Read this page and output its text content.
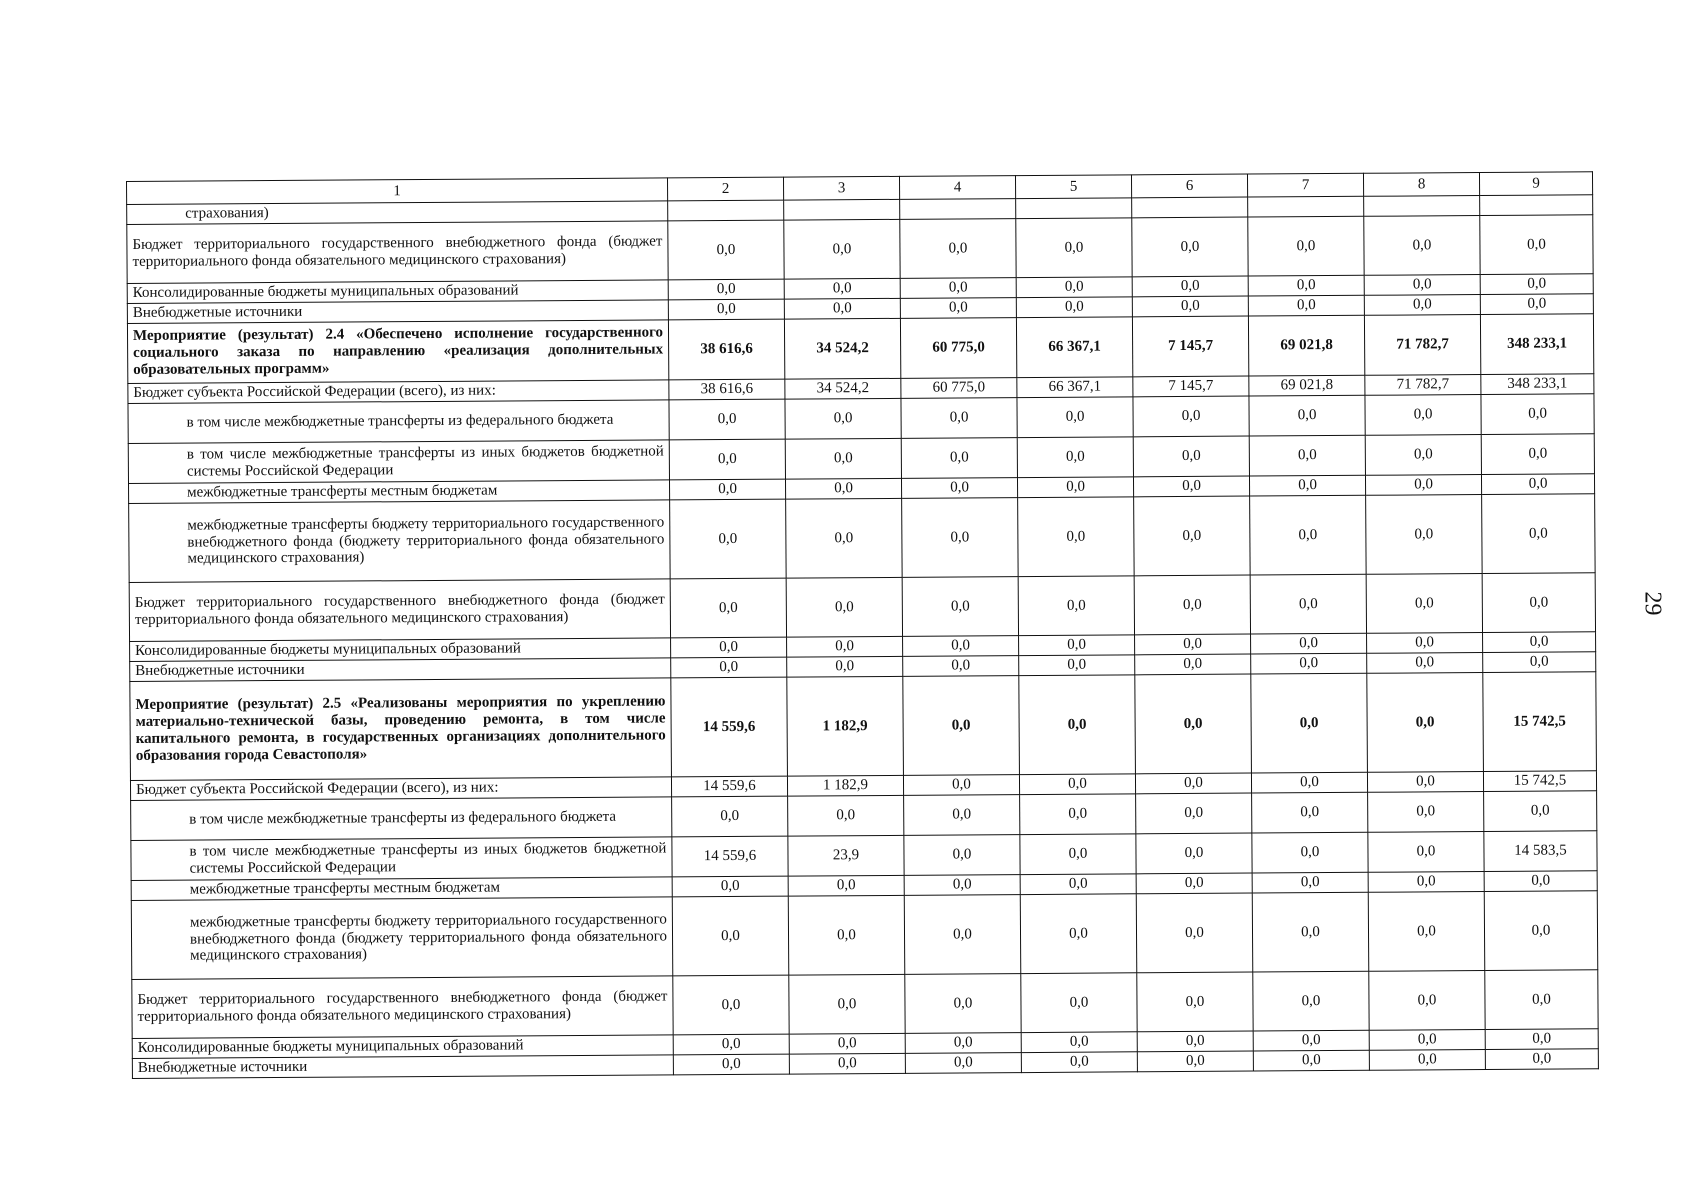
1	2	3	4	5	6	7	8	9
страхования)								
Бюджет территориального государственного внебюджетного фонда (бюджет территориального фонда обязательного медицинского страхования)	0,0	0,0	0,0	0,0	0,0	0,0	0,0	0,0
Консолидированные бюджеты муниципальных образований	0,0	0,0	0,0	0,0	0,0	0,0	0,0	0,0
Внебюджетные источники	0,0	0,0	0,0	0,0	0,0	0,0	0,0	0,0
Мероприятие (результат) 2.4 «Обеспечено исполнение государственного социального заказа по направлению «реализация дополнительных образовательных программ»	38 616,6	34 524,2	60 775,0	66 367,1	7 145,7	69 021,8	71 782,7	348 233,1
Бюджет субъекта Российской Федерации (всего), из них:	38 616,6	34 524,2	60 775,0	66 367,1	7 145,7	69 021,8	71 782,7	348 233,1
в том числе межбюджетные трансферты из федерального бюджета	0,0	0,0	0,0	0,0	0,0	0,0	0,0	0,0
в том числе межбюджетные трансферты из иных бюджетов бюджетной системы Российской Федерации	0,0	0,0	0,0	0,0	0,0	0,0	0,0	0,0
межбюджетные трансферты местным бюджетам	0,0	0,0	0,0	0,0	0,0	0,0	0,0	0,0
межбюджетные трансферты бюджету территориального государственного внебюджетного фонда (бюджету территориального фонда обязательного медицинского страхования)	0,0	0,0	0,0	0,0	0,0	0,0	0,0	0,0
Бюджет территориального государственного внебюджетного фонда (бюджет территориального фонда обязательного медицинского страхования)	0,0	0,0	0,0	0,0	0,0	0,0	0,0	0,0
Консолидированные бюджеты муниципальных образований	0,0	0,0	0,0	0,0	0,0	0,0	0,0	0,0
Внебюджетные источники	0,0	0,0	0,0	0,0	0,0	0,0	0,0	0,0
Мероприятие (результат) 2.5 «Реализованы мероприятия по укреплению материально-технической базы, проведению ремонта, в том числе капитального ремонта, в государственных организациях дополнительного образования города Севастополя»	14 559,6	1 182,9	0,0	0,0	0,0	0,0	0,0	15 742,5
Бюджет субъекта Российской Федерации (всего), из них:	14 559,6	1 182,9	0,0	0,0	0,0	0,0	0,0	15 742,5
в том числе межбюджетные трансферты из федерального бюджета	0,0	0,0	0,0	0,0	0,0	0,0	0,0	0,0
в том числе межбюджетные трансферты из иных бюджетов бюджетной системы Российской Федерации	14 559,6	23,9	0,0	0,0	0,0	0,0	0,0	14 583,5
межбюджетные трансферты местным бюджетам	0,0	0,0	0,0	0,0	0,0	0,0	0,0	0,0
межбюджетные трансферты бюджету территориального государственного внебюджетного фонда (бюджету территориального фонда обязательного медицинского страхования)	0,0	0,0	0,0	0,0	0,0	0,0	0,0	0,0
Бюджет территориального государственного внебюджетного фонда (бюджет территориального фонда обязательного медицинского страхования)	0,0	0,0	0,0	0,0	0,0	0,0	0,0	0,0
Консолидированные бюджеты муниципальных образований	0,0	0,0	0,0	0,0	0,0	0,0	0,0	0,0
Внебюджетные источники	0,0	0,0	0,0	0,0	0,0	0,0	0,0	0,0
29
